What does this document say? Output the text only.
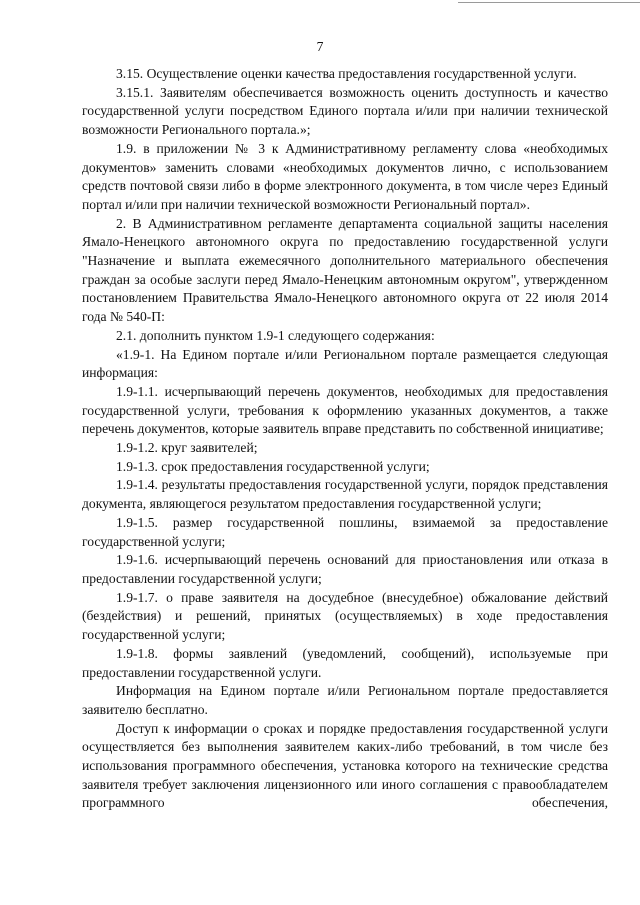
7

3.15. Осуществление оценки качества предоставления государственной услуги.

3.15.1. Заявителям обеспечивается возможность оценить доступность и качество государственной услуги посредством Единого портала и/или при наличии технической возможности Регионального портала.»;

1.9. в приложении № 3 к Административному регламенту слова «необходимых документов» заменить словами «необходимых документов лично, с использованием средств почтовой связи либо в форме электронного документа, в том числе через Единый портал и/или при наличии технической возможности Региональный портал».

2. В Административном регламенте департамента социальной защиты населения Ямало-Ненецкого автономного округа по предоставлению государственной услуги "Назначение и выплата ежемесячного дополнительного материального обеспечения граждан за особые заслуги перед Ямало-Ненецким автономным округом", утвержденном постановлением Правительства Ямало-Ненецкого автономного округа от 22 июля 2014 года № 540-П:

2.1. дополнить пунктом 1.9-1 следующего содержания:

«1.9-1. На Едином портале и/или Региональном портале размещается следующая информация:

1.9-1.1. исчерпывающий перечень документов, необходимых для предоставления государственной услуги, требования к оформлению указанных документов, а также перечень документов, которые заявитель вправе представить по собственной инициативе;

1.9-1.2. круг заявителей;

1.9-1.3. срок предоставления государственной услуги;

1.9-1.4. результаты предоставления государственной услуги, порядок представления документа, являющегося результатом предоставления государственной услуги;

1.9-1.5. размер государственной пошлины, взимаемой за предоставление государственной услуги;

1.9-1.6. исчерпывающий перечень оснований для приостановления или отказа в предоставлении государственной услуги;

1.9-1.7. о праве заявителя на досудебное (внесудебное) обжалование действий (бездействия) и решений, принятых (осуществляемых) в ходе предоставления государственной услуги;

1.9-1.8. формы заявлений (уведомлений, сообщений), используемые при предоставлении государственной услуги.

Информация на Едином портале и/или Региональном портале предоставляется заявителю бесплатно.

Доступ к информации о сроках и порядке предоставления государственной услуги осуществляется без выполнения заявителем каких-либо требований, в том числе без использования программного обеспечения, установка которого на технические средства заявителя требует заключения лицензионного или иного соглашения с правообладателем программного обеспечения,
